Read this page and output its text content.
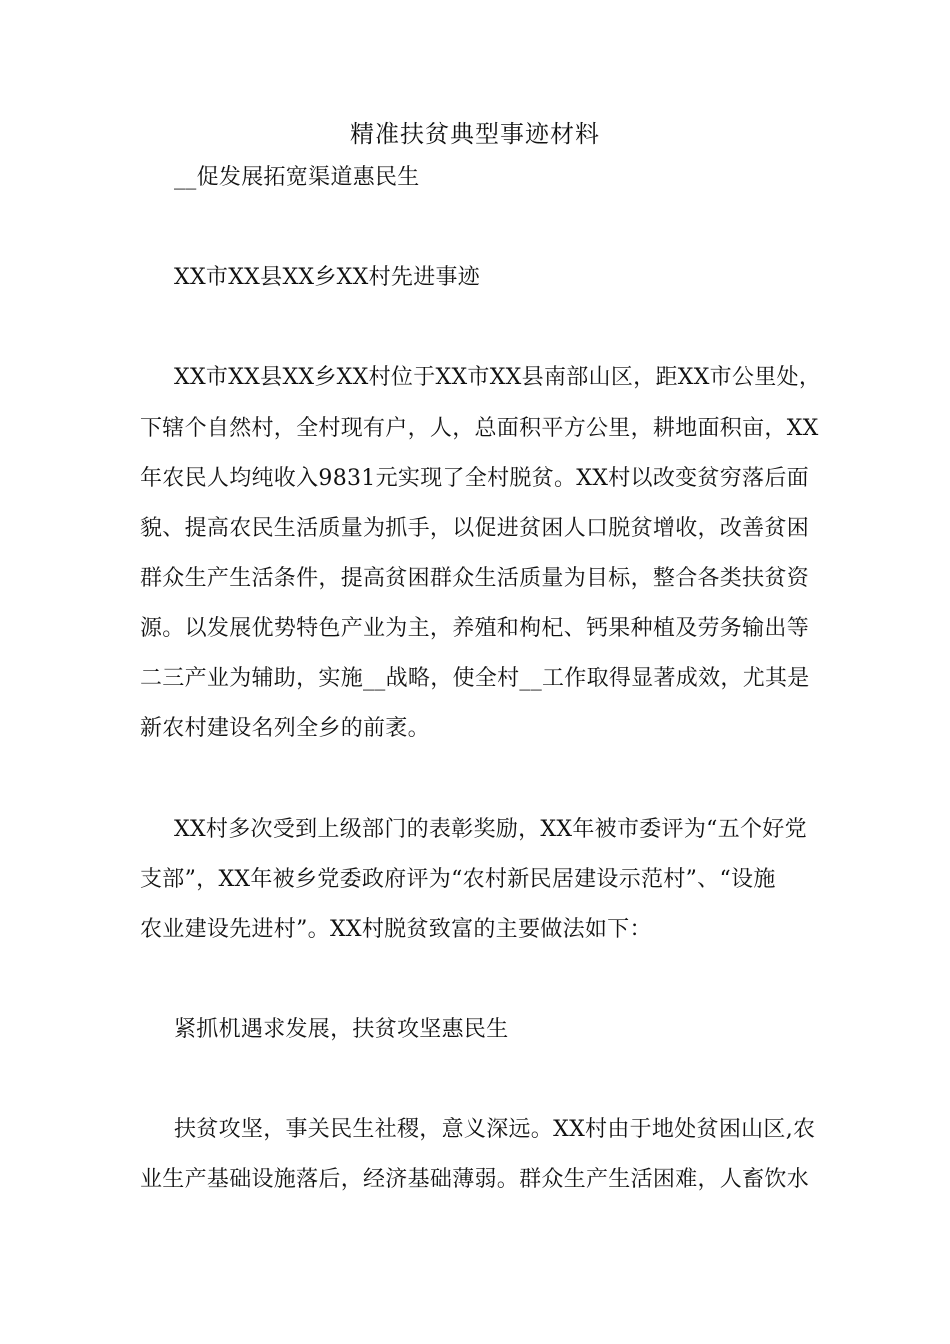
精准扶贫典型事迹材料
__促发展拓宽渠道惠民生
XX市XX县XX乡XX村先进事迹
XX市XX县XX乡XX村位于XX市XX县南部山区，距XX市公里处，
下辖个自然村，全村现有户，人，总面积平方公里，耕地面积亩，XX
年农民人均纯收入9831元实现了全村脱贫。XX村以改变贫穷落后面
貌、提高农民生活质量为抓手，以促进贫困人口脱贫增收，改善贫困
群众生产生活条件，提高贫困群众生活质量为目标，整合各类扶贫资
源。以发展优势特色产业为主，养殖和枸杞、钙果种植及劳务输出等
二三产业为辅助，实施__战略，使全村__工作取得显著成效，尤其是
新农村建设名列全乡的前袤。
XX村多次受到上级部门的表彰奖励，XX年被市委评为“五个好党
支部”，XX年被乡党委政府评为“农村新民居建设示范村”、“设施
农业建设先进村”。XX村脱贫致富的主要做法如下：
紧抓机遇求发展，扶贫攻坚惠民生
扶贫攻坚，事关民生社稷，意义深远。XX村由于地处贫困山区,农
业生产基础设施落后，经济基础薄弱。群众生产生活困难，人畜饮水
